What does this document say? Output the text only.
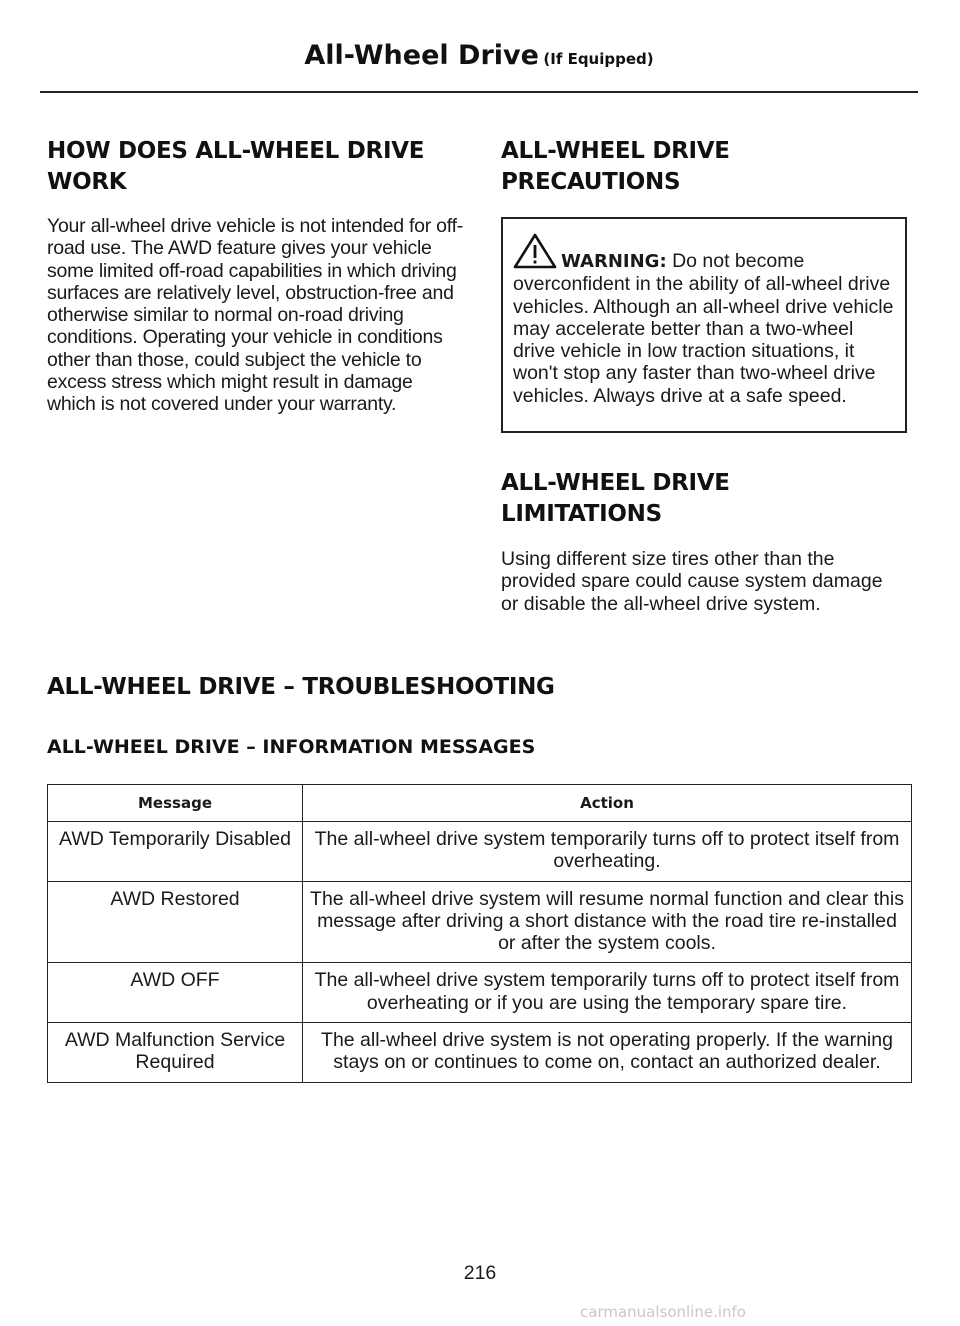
All-Wheel Drive (If Equipped)
HOW DOES ALL-WHEEL DRIVE
WORK

Your all-wheel drive vehicle is not intended for off-road use. The AWD feature gives your vehicle some limited off-road capabilities in which driving surfaces are relatively level, obstruction-free and otherwise similar to normal on-road driving conditions. Operating your vehicle in conditions other than those, could subject the vehicle to excess stress which might result in damage which is not covered under your warranty.

ALL-WHEEL DRIVE
PRECAUTIONS

WARNING: Do not become overconfident in the ability of all-wheel drive vehicles. Although an all-wheel drive vehicle may accelerate better than a two-wheel drive vehicle in low traction situations, it won't stop any faster than two-wheel drive vehicles. Always drive at a safe speed.

ALL-WHEEL DRIVE
LIMITATIONS

Using different size tires other than the provided spare could cause system damage or disable the all-wheel drive system.

ALL-WHEEL DRIVE – TROUBLESHOOTING
ALL-WHEEL DRIVE – INFORMATION MESSAGES
Message	Action
AWD Temporarily Disabled	The all-wheel drive system temporarily turns off to protect itself from overheating.
AWD Restored	The all-wheel drive system will resume normal function and clear this message after driving a short distance with the road tire re-installed or after the system cools.
AWD OFF	The all-wheel drive system temporarily turns off to protect itself from overheating or if you are using the temporary spare tire.
AWD Malfunction Service Required	The all-wheel drive system is not operating properly. If the warning stays on or continues to come on, contact an authorized dealer.
216
carmanualsonline.info
